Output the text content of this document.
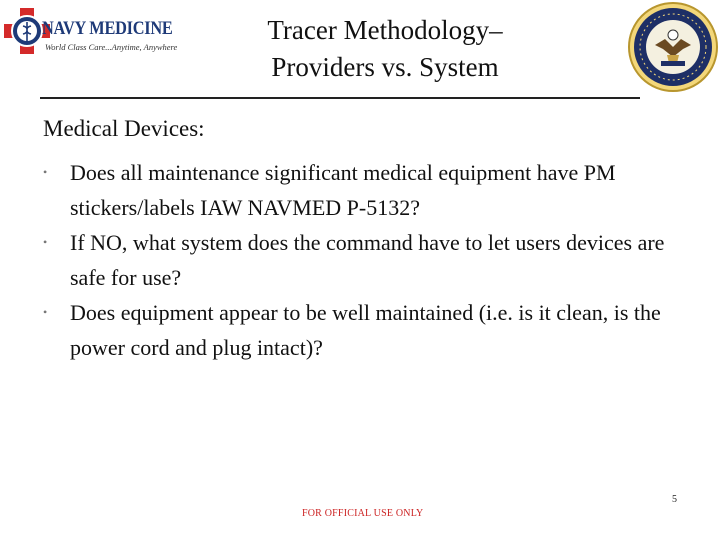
NAVY MEDICINE
World Class Care...Anytime, Anywhere
Tracer Methodology–
Providers vs. System
Medical Devices:
• Does all maintenance significant medical equipment have PM stickers/labels IAW NAVMED P-5132?
• If NO, what system does the command have to let users devices are safe for use?
• Does equipment appear to be well maintained (i.e. is it clean, is the power cord and plug intact)?
FOR OFFICIAL USE ONLY
5
